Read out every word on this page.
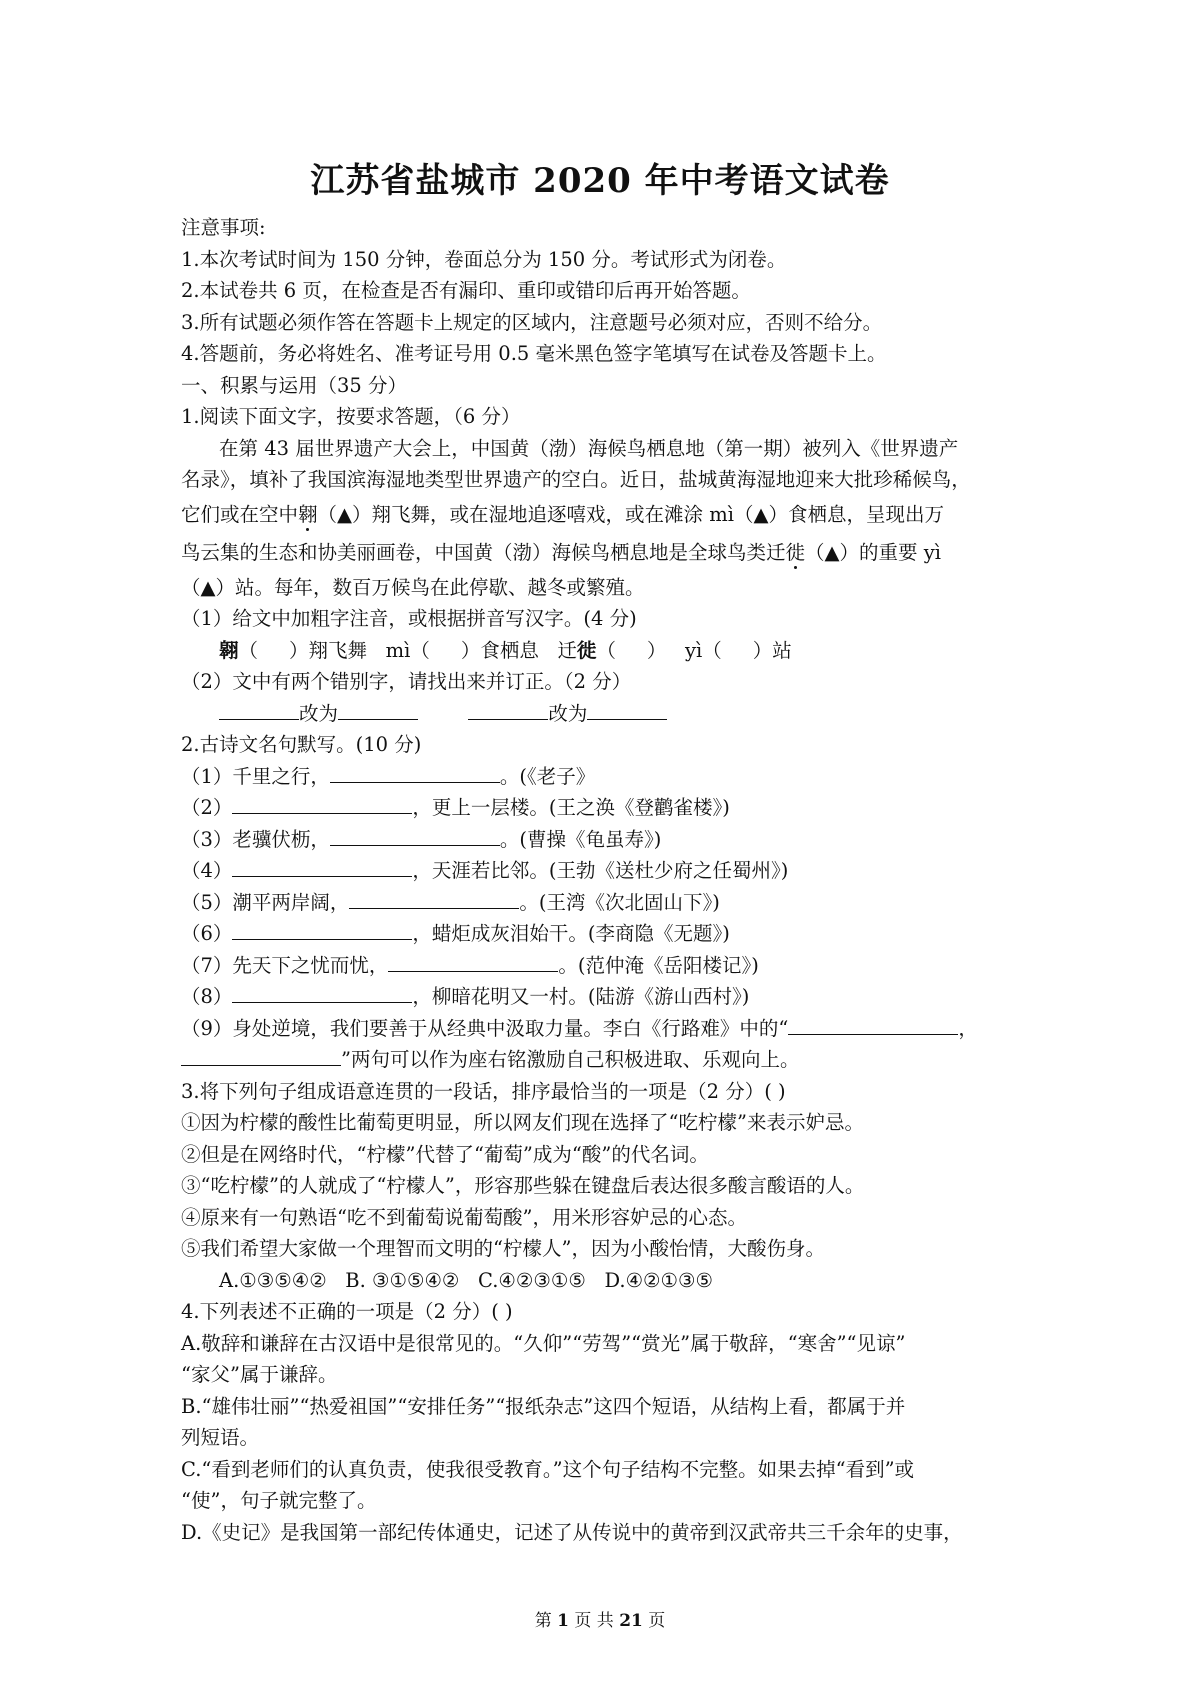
江苏省盐城市 2020 年中考语文试卷
注意事项:
1.本次考试时间为 150 分钟，卷面总分为 150 分。考试形式为闭卷。
2.本试卷共 6 页，在检查是否有漏印、重印或错印后再开始答题。
3.所有试题必须作答在答题卡上规定的区域内，注意题号必须对应，否则不给分。
4.答题前，务必将姓名、准考证号用 0.5 毫米黑色签字笔填写在试卷及答题卡上。
一、积累与运用（35 分）
1.阅读下面文字，按要求答题，（6 分）
在第 43 届世界遗产大会上，中国黄（渤）海候鸟栖息地（第一期）被列入《世界遗产
名录》，填补了我国滨海湿地类型世界遗产的空白。近日，盐城黄海湿地迎来大批珍稀候鸟，
它们或在空中翱（▲）翔飞舞，或在湿地追逐嘻戏，或在滩涂 mì（▲）食栖息，呈现出万
鸟云集的生态和协美丽画卷，中国黄（渤）海候鸟栖息地是全球鸟类迁徙（▲）的重要 yì
（▲）站。每年，数百万候鸟在此停歇、越冬或繁殖。
（1）给文中加粗字注音，或根据拼音写汉字。(4 分)
翱（     ）翔飞舞   mì（     ）食栖息   迁徙（     ）   yì（     ）站
（2）文中有两个错别字，请找出来并订正。（2 分）
改为	改为
2.古诗文名句默写。(10 分)
（1）千里之行，	。(《老子》
（2）	，更上一层楼。(王之涣《登鹳雀楼》)
（3）老骥伏枥，	。(曹操《龟虽寿》)
（4）	，天涯若比邻。(王勃《送杜少府之任蜀州》)
（5）潮平两岸阔，	。(王湾《次北固山下》)
（6）	，蜡炬成灰泪始干。(李商隐《无题》)
（7）先天下之忧而忧，	。(范仲淹《岳阳楼记》)
（8）	，柳暗花明又一村。(陆游《游山西村》)
（9）身处逆境，我们要善于从经典中汲取力量。李白《行路难》中的“	，
”两句可以作为座右铭激励自己积极进取、乐观向上。
3.将下列句子组成语意连贯的一段话，排序最恰当的一项是（2 分）( )
①因为柠檬的酸性比葡萄更明显，所以网友们现在选择了“吃柠檬”来表示妒忌。
②但是在网络时代，“柠檬”代替了“葡萄”成为“酸”的代名词。
③“吃柠檬”的人就成了“柠檬人”，形容那些躲在键盘后表达很多酸言酸语的人。
④原来有一句熟语“吃不到葡萄说葡萄酸”，用米形容妒忌的心态。
⑤我们希望大家做一个理智而文明的“柠檬人”，因为小酸怡情，大酸伤身。
A.①③⑤④②   B. ③①⑤④②   C.④②③①⑤   D.④②①③⑤
4.下列表述不正确的一项是（2 分）( )
A.敬辞和谦辞在古汉语中是很常见的。“久仰”“劳驾”“赏光”属于敬辞，“寒舍”“见谅”
“家父”属于谦辞。
B.“雄伟壮丽”“热爱祖国”“安排任务”“报纸杂志”这四个短语，从结构上看，都属于并
列短语。
C.“看到老师们的认真负责，使我很受教育。”这个句子结构不完整。如果去掉“看到”或
“使”，句子就完整了。
D.《史记》是我国第一部纪传体通史，记述了从传说中的黄帝到汉武帝共三千余年的史事，
第 1 页 共 21 页
